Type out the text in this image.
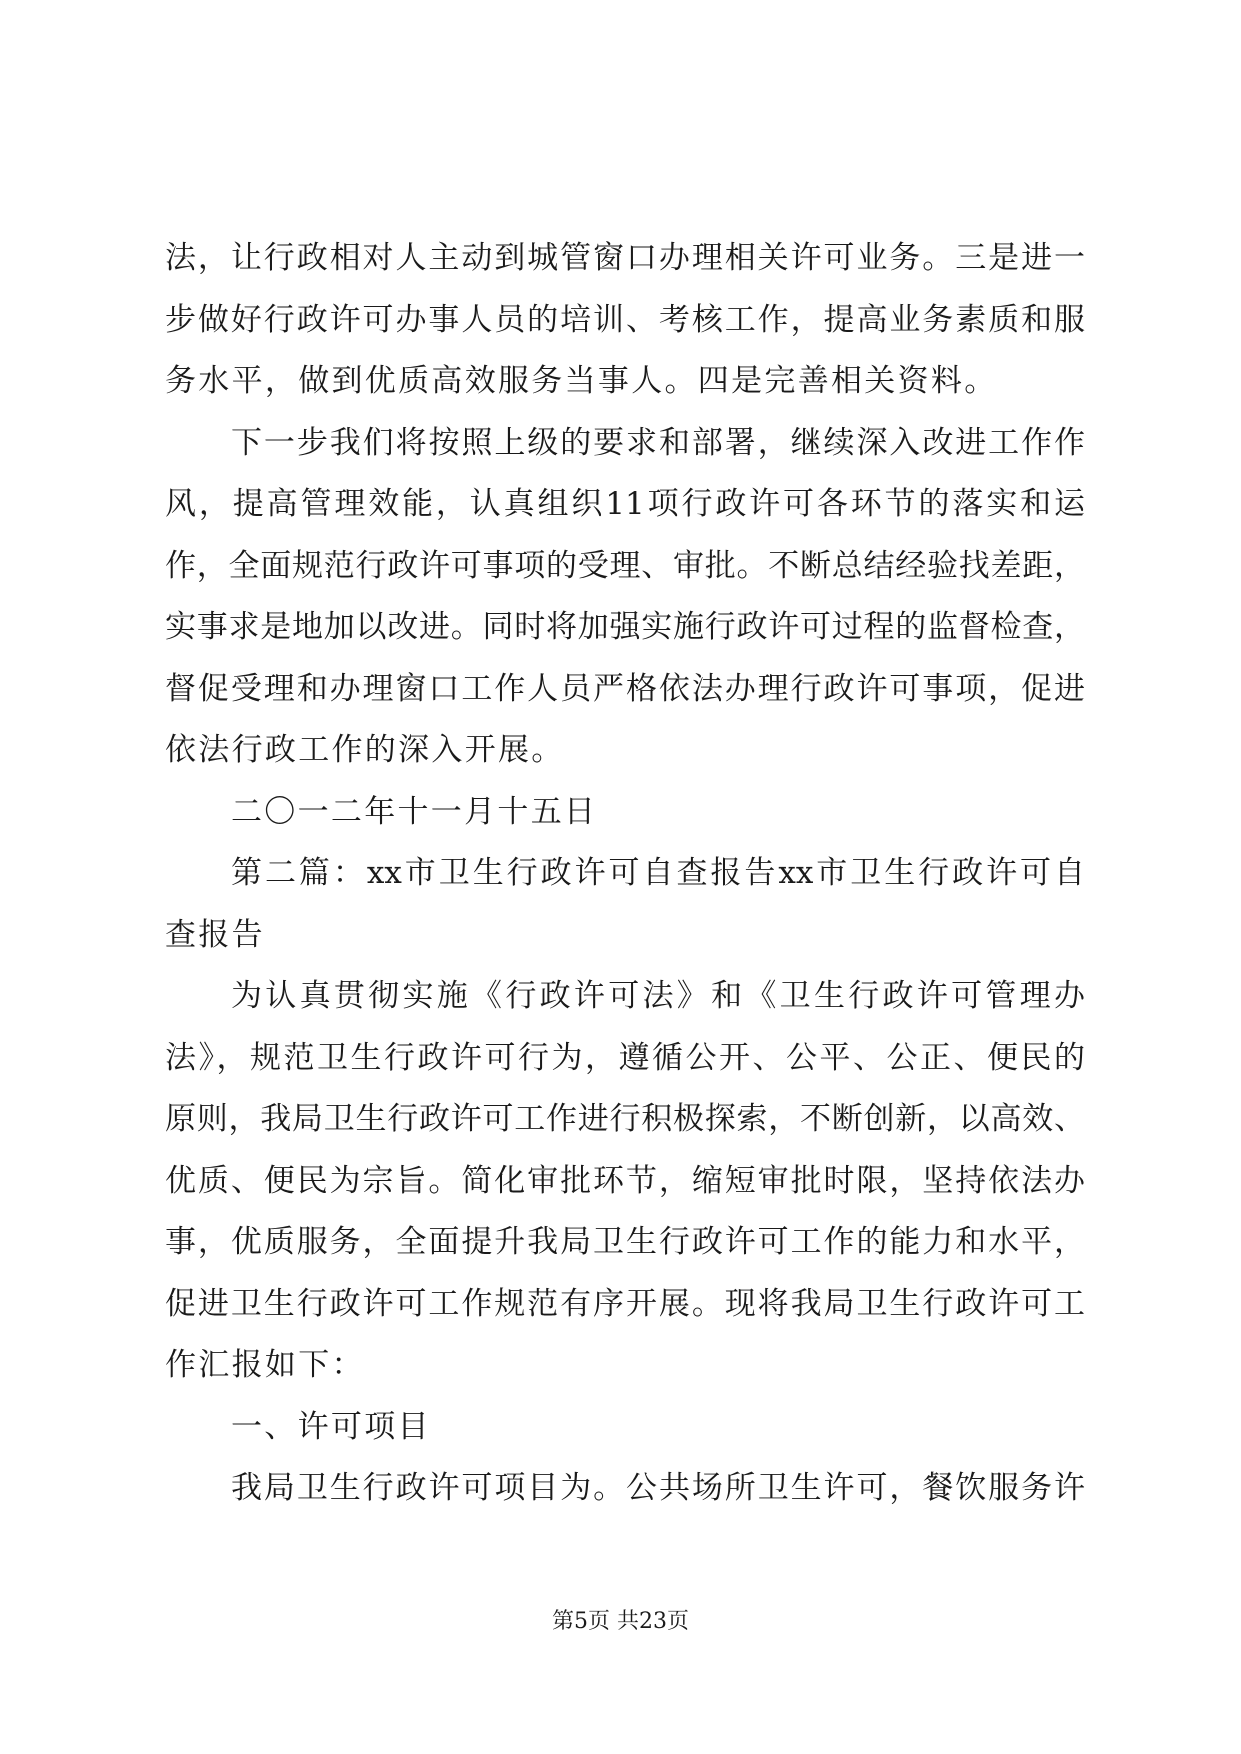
法，让行政相对人主动到城管窗口办理相关许可业务。三是进一
步做好行政许可办事人员的培训、考核工作，提高业务素质和服
务水平，做到优质高效服务当事人。四是完善相关资料。
下一步我们将按照上级的要求和部署，继续深入改进工作作
风，提高管理效能，认真组织11项行政许可各环节的落实和运
作，全面规范行政许可事项的受理、审批。不断总结经验找差距，
实事求是地加以改进。同时将加强实施行政许可过程的监督检查，
督促受理和办理窗口工作人员严格依法办理行政许可事项，促进
依法行政工作的深入开展。
二〇一二年十一月十五日
第二篇：xx市卫生行政许可自查报告xx市卫生行政许可自
查报告
为认真贯彻实施《行政许可法》和《卫生行政许可管理办
法》，规范卫生行政许可行为，遵循公开、公平、公正、便民的
原则，我局卫生行政许可工作进行积极探索，不断创新，以高效、
优质、便民为宗旨。简化审批环节，缩短审批时限，坚持依法办
事，优质服务，全面提升我局卫生行政许可工作的能力和水平，
促进卫生行政许可工作规范有序开展。现将我局卫生行政许可工
作汇报如下：
一、许可项目
我局卫生行政许可项目为。公共场所卫生许可，餐饮服务许
第5页 共23页
